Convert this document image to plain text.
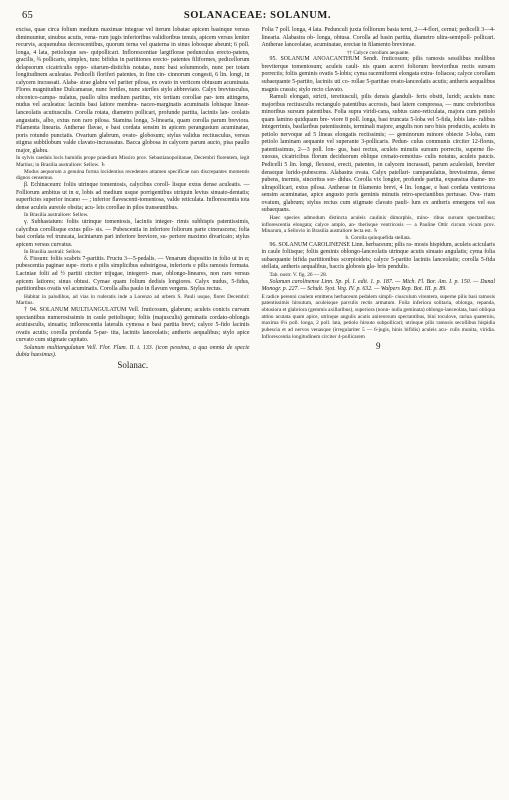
65	SOLANACEAE: SOLANUM.

excisa, quae circa folium medium maximae integrae vel iterum lobatae apicem basinque versus diminuuntur, sinubus acutis, vena- rum jugis inferioribus validioribus tenuis, apicem versus leniter recurvis, acquenubus decrescentibus, quorum terna vel quaterna in sinus lobosque abeunt; 6 poll. longa, 4 lata, petioloque ses- quipollicari. Inflorescentiae largiflorae pedunculus erecto-patens, gracilis, ¾ pollicaris, simplex, tunc bifidus in partitiones erecto- patentes filiformes, pedicellorum delapsorum cicatriculis oppo- sitarum-distichis notatas, nunc basi solummodo, nunc per totam longitudinem aculeatas. Pedicelli floriferi patentes, in fine cin- cinnorum congesti, 6 lin. longi, in calycem incrassati. Alaba- strae glabra vel pariter pilosa, ex ovato in verticem obtusum acuminata. Flores magnitudine Dulcamarae, nunc fertiles, nunc steriles stylo abbreviato. Calyx breviusculus, obconico-campa- nulatus, paullo ultra medium partitus, vix tertiam corollae par- tem attingens, nudus vel aculeatus: laciniis basi latiore membra- naceo-marginatis acuminatis lobisque linear-lanceolatis acutiusculis. Corolla rotata, diametro pollicari, profunde partita, laciniis lan- ceolatis angustatis, albo, extus non raro pilosa. Stamina longa, 3-linearia, quam corolla parum breviora. Filamenta linearia. Antherae flavae, e basi cordata sensim in apicem perangustum acuminatae, poris rotundo punctatis. Ovarium glabrum, ovato- globosum; stylus validus rectiusculus, versus stigma subbilobum valde clavato-incrassatus. Bacca globosa in calycem parum aucto, pisa paullo major, glabra.

In sylvis caeduis locis humidis prope praedium Missiro prov. Sebastianopolitanae, Decembri florentem, legit Martius; in Brasilia australiore: Sellow. ♄

Modus aequorum a genuina forma locidentius recedentes attamen specificae non discrepantes momentis dignos censemus.

β. Echinaceum: foliis utrinque tomentosis, calycibus coroll- lisque extus dense aculeatis. — Folliorum ambitus ut in α, lobis ad medium usque porrigentibus utriquin levius sinuato-dentatis; superficies superior incano — ; inferior flavescenti-tomentosa, valde reticulata. Inflorescentia tota dense aculeis aureole obsita; acu- leis corollae in pilos transeuntibus.

In Brasilia australiore: Sellow.

γ. Subhastatum: foliis utrinque tomentosis, laciniis integer- rimis subhispis patentissimis, calycibus corollisque extus pilo- sis. — Pubescentia in inferiore foliorum parte cinerascens; folia basi cordata vel truncata, laciniarum pari inferiore breviore, su- periore maximo divaricato; stylus apicem versus curvatus.

In Brasilia australi: Sellow.

δ. Fissum: foliis scabris 7-partitis. Fructu 3—5-pedalis. — Venarum dispositio in folio ut in α; pubescentia paginae supe- rioris e pilis simplicibus substrigosa, inferioris e pilis ramosis formata. Laciniae folii ad ½ partiti circiter trijugae, integerri- mae, oblongo-lineares, non raro versus apicem latiores; sinus obtusi. Cymae quam folium dedisis longiores. Calyx nudus, 5-fidus, partitionibus ovatis vel acuminatis. Corolla alba paulo in flavum vergens. Stylus rectus.

Habitat in paludibus, ad vias in ruderatis inde a Lorenzo ad urbem S. Pauli usque, floret Decembri: Martius.

† 94. SOLANUM MULTIANGULATUM Vell. fruticosum, glabrum; aculeis conicis curvam spectantibus numerosissimis in caule petiolisque; foliis (majusculis) geminatis cordato-oblongis acutiusculis, sinuatis; inflorescentia lateralis cymosa e basi partita brevi; calyce 5-fido laciniis ovatis acutis; corolla profunda 5-par- tita, laciniis lanceolatis; antheris aequalibus; stylo apice curvato cum stigmate capitato.

Solanum multiangulatum Vell. Flor. Flum. II. t. 133. (icon pessima, a qua omnia de specie dubia haesimus).

Solanac.

Folia 7 poll. longa, 4 lata. Pedunculi juxta folliorum basia terni, 2—4-flori, cernui; pedicelli 3—4-linearia. Alabastra ob- longa, obtusa. Corolla ad basin partita, diametro ultra-semipoll- pollicari. Antherae lanceolatae, acuminatae, erectae in filamento breviorae.

†† Calyce corollam aequante.

95. SOLANUM ANOACANTHUM Sendt. fruticosum; pilis ramosis sessilibus mollibus breviterque tomentosum; aculeis cauli- nis quam acervi foliorum breviorihus rectis sursum porrectis; foliis geminis ovatis 5-lobis; cyma racemiformi elongata extra- foliacea; calyce corollam subaequante 5-partito, laciniis uti co- rollae 5-partitae ovato-lanceolatis acutis; antheris aequalibus magnis crassis; stylo recto clavato.

Ramuli elongati, stricti, teretiusculi, pilis densis glanduli- feris obsiti, luridi; aculeis nunc majoribus rectiusculis rectangulo patentibus accrosis, basi latere compressa, — nunc crebrioribus minoribus sursum patentibus. Folia supra viridi-cana, subtus cano-reticulata, majora cum petiolo quam lamino quidquam bre- viore 8 poll. longa, basi truncata 5-loba vel 5-fida, lobis late- ralibus integerrimis, basilaribus patentissimis, terminali majore, angulis non raro bisis productis, aculeis in petiolo nervoque ad 5 lineas elongatis rectissimis; — geminorum minore obiecte 3-loba, cum petiolo laminam aequante vel superante 3-pollicaris. Pedun- culus communis circiter 12-florus, patentissimus, 2—3 poll. lon- gus, basi rectus, aculeis minutis sursum porrectis, superne fle- xuosus, cicatricibus florum deciduorum oblique crenato-remotius- culis notatus, aculeis paucis. Pedicelli 5 lin. longi, flexuosi, erecti, patentes, in calycem incrassati, parum aculeolati, breviter denseque lurido-pubescens. Alabastra ovata. Calyx patellari- campanulatus, brevissimus, dense pubens, inermis, sinceritus sor- didus. Corolla vix longior, profunde partita, expansiua diame- tro ultrapollicari, extus pilosa. Antherae in filamento brevi, 4 lin. longae, e basi cordata ventricosa sensim acuminatae, apice angusto poris geminis minutis retro-spectantibus pertusae. Ova- rium ovatum, glabrum; stylus rectus cum stigmate clavato pauli- lum ex antheris emergens vel eas subaequans.

Haec species admodum distincta aculeis caulinis dimorphis, mino- ribus sursum spectantibus; inflorescentia elongata; calyce amplo, an- therisque ventricosis — a Pauline Ottir circum vicum prov. Minarum, a Sellovio in Brasilia australiore lecta est. ♄

b. Corolla quinquefida stellata.

96. SOLANUM CAROLINENSE Linn. herbaceum; pilis ra- mosis hispidum, aculeis acicularis in caule foliisque; foliis geminis oblongo-lanceolatis utrinque acutis sinuato angulatis; cyma folia subaequante bifida partitionibus scorpioideis; calyce 5-partito laciniis lanceolatis; corolla 5-fida stellata, antheris aequalibus, baccis globosis gla- bris pendulis.

Tab. nostr. V. fig. 26 — 28.

Solanum carolinense Linn. Sp. pl. I. edit. 1. p. 187. — Mich. Fl. Bor. Am. I. p. 150. — Dunal Monogr. p. 227. — Schult. Syst. Veg. IV. p. 632. — Walpers Rep. Bot. III. p. 89.

E radice perenni caulem emittens herbaceum pedalem simpli- ciusculum virentem, superne pilis basi ramosis patentissimis hirsutum, aculeisque parvulis rectis armatum. Folia inferiora solitaria, oblonga, repanda, obtusiora et glabriora (gemmis axillaribus), superiora (nonn- nulla geminata) oblongo-lanceolata, basi obliqua attinu acutata quam apice, utrinque angulis acutis anireorsum spectantibus, bini toculove, rariua quaterniu, maxima 6¼ poll. longa, 2 poll. lata, petiolo hirsuto subpollicari; utrinque pilis ramosis secollibus hispidia pubescia et ad nervos venasque (irregulariter 5 — 6-jugis, binis bifidis) aculeis acu- culis munita, viridia. Inflorescentia longitudinem circiter 4-pollicarem

9
